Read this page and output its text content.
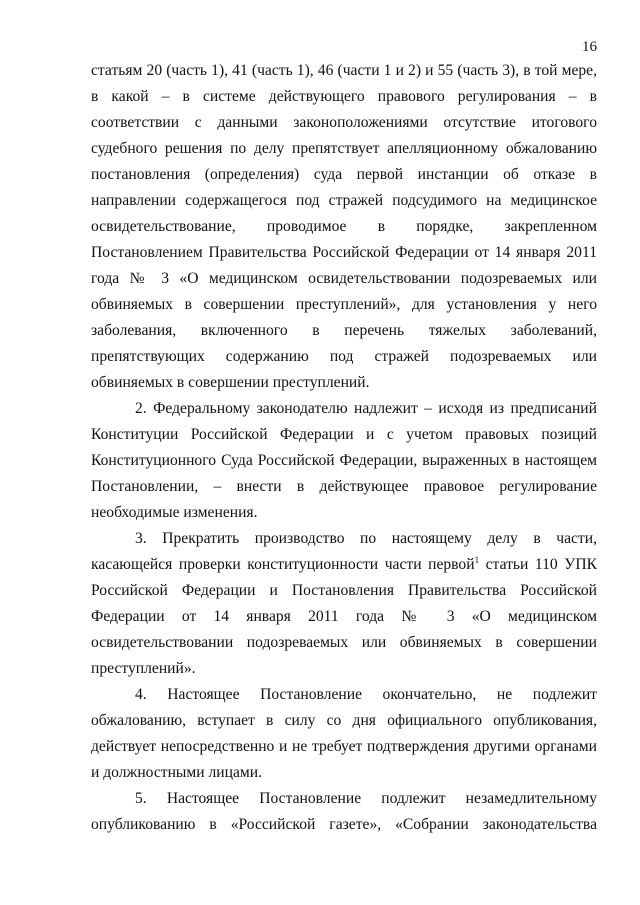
16

статьям 20 (часть 1), 41 (часть 1), 46 (части 1 и 2) и 55 (часть 3), в той мере, в какой – в системе действующего правового регулирования – в соответствии с данными законоположениями отсутствие итогового судебного решения по делу препятствует апелляционному обжалованию постановления (определения) суда первой инстанции об отказе в направлении содержащегося под стражей подсудимого на медицинское освидетельствование, проводимое в порядке, закрепленном Постановлением Правительства Российской Федерации от 14 января 2011 года № 3 «О медицинском освидетельствовании подозреваемых или обвиняемых в совершении преступлений», для установления у него заболевания, включенного в перечень тяжелых заболеваний, препятствующих содержанию под стражей подозреваемых или обвиняемых в совершении преступлений.

2. Федеральному законодателю надлежит – исходя из предписаний Конституции Российской Федерации и с учетом правовых позиций Конституционного Суда Российской Федерации, выраженных в настоящем Постановлении, – внести в действующее правовое регулирование необходимые изменения.

3. Прекратить производство по настоящему делу в части, касающейся проверки конституционности части первой$^1$ статьи 110 УПК Российской Федерации и Постановления Правительства Российской Федерации от 14 января 2011 года № 3 «О медицинском освидетельствовании подозреваемых или обвиняемых в совершении преступлений».

4. Настоящее Постановление окончательно, не подлежит обжалованию, вступает в силу со дня официального опубликования, действует непосредственно и не требует подтверждения другими органами и должностными лицами.

5. Настоящее Постановление подлежит незамедлительному опубликованию в «Российской газете», «Собрании законодательства
